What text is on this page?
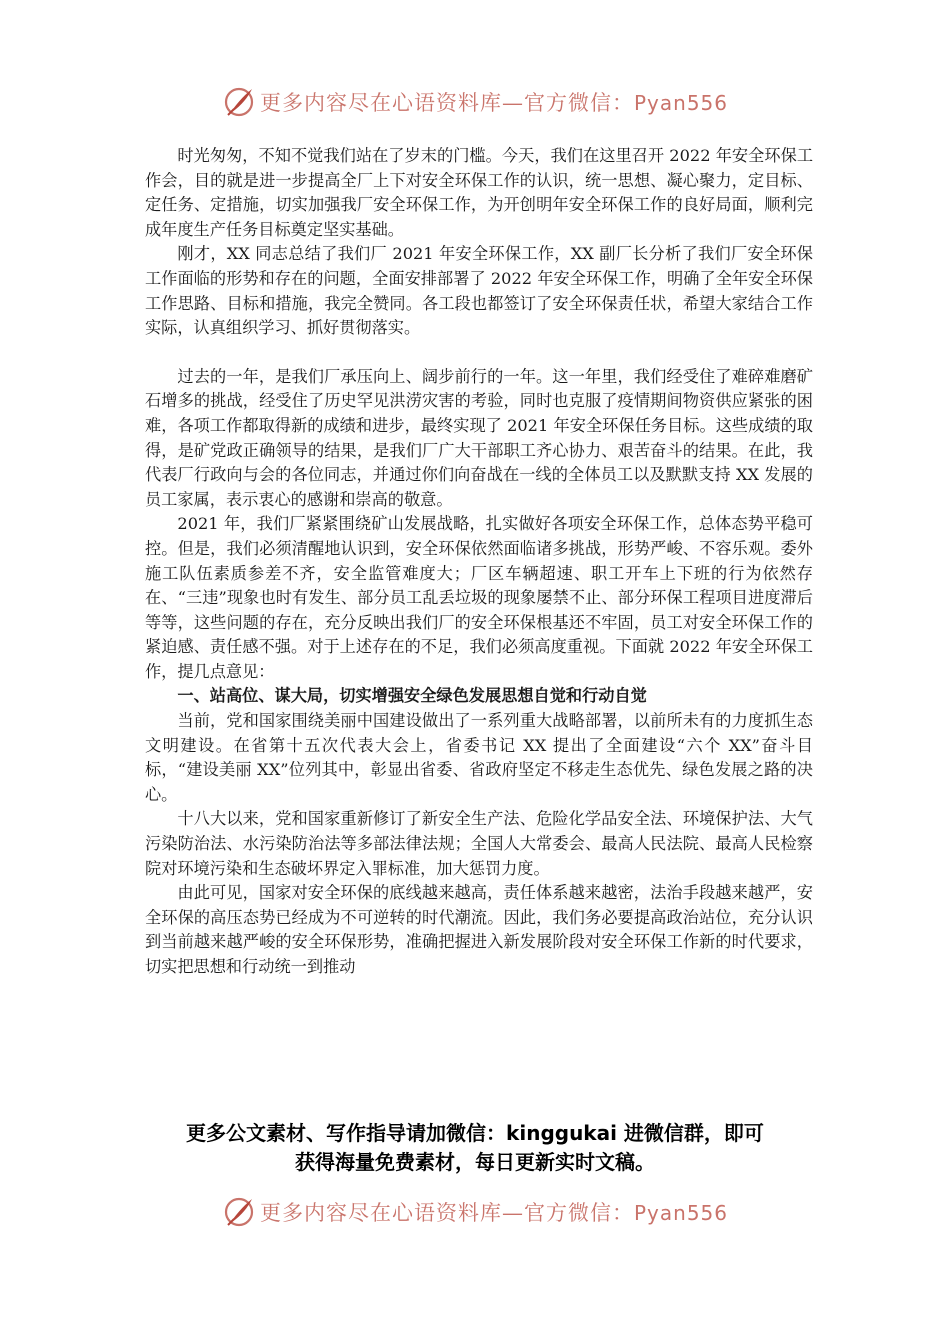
更多内容尽在心语资料库—官方微信：Pyan556

时光匆匆，不知不觉我们站在了岁末的门槛。今天，我们在这里召开 2022 年安全环保工作会，目的就是进一步提高全厂上下对安全环保工作的认识，统一思想、凝心聚力，定目标、定任务、定措施，切实加强我厂安全环保工作，为开创明年安全环保工作的良好局面，顺利完成年度生产任务目标奠定坚实基础。

刚才，XX 同志总结了我们厂 2021 年安全环保工作，XX 副厂长分析了我们厂安全环保工作面临的形势和存在的问题，全面安排部署了 2022 年安全环保工作，明确了全年安全环保工作思路、目标和措施，我完全赞同。各工段也都签订了安全环保责任状，希望大家结合工作实际，认真组织学习、抓好贯彻落实。

过去的一年，是我们厂承压向上、阔步前行的一年。这一年里，我们经受住了难碎难磨矿石增多的挑战，经受住了历史罕见洪涝灾害的考验，同时也克服了疫情期间物资供应紧张的困难，各项工作都取得新的成绩和进步，最终实现了 2021 年安全环保任务目标。这些成绩的取得，是矿党政正确领导的结果，是我们厂广大干部职工齐心协力、艰苦奋斗的结果。在此，我代表厂行政向与会的各位同志，并通过你们向奋战在一线的全体员工以及默默支持 XX 发展的员工家属，表示衷心的感谢和崇高的敬意。

2021 年，我们厂紧紧围绕矿山发展战略，扎实做好各项安全环保工作，总体态势平稳可控。但是，我们必须清醒地认识到，安全环保依然面临诸多挑战，形势严峻、不容乐观。委外施工队伍素质参差不齐，安全监管难度大；厂区车辆超速、职工开车上下班的行为依然存在、“三违”现象也时有发生、部分员工乱丢垃圾的现象屡禁不止、部分环保工程项目进度滞后等等，这些问题的存在，充分反映出我们厂的安全环保根基还不牢固，员工对安全环保工作的紧迫感、责任感不强。对于上述存在的不足，我们必须高度重视。下面就 2022 年安全环保工作，提几点意见：

一、站高位、谋大局，切实增强安全绿色发展思想自觉和行动自觉

当前，党和国家围绕美丽中国建设做出了一系列重大战略部署，以前所未有的力度抓生态文明建设。在省第十五次代表大会上，省委书记 XX 提出了全面建设“六个 XX”奋斗目标，“建设美丽 XX”位列其中，彰显出省委、省政府坚定不移走生态优先、绿色发展之路的决心。

十八大以来，党和国家重新修订了新安全生产法、危险化学品安全法、环境保护法、大气污染防治法、水污染防治法等多部法律法规；全国人大常委会、最高人民法院、最高人民检察院对环境污染和生态破坏界定入罪标准，加大惩罚力度。

由此可见，国家对安全环保的底线越来越高，责任体系越来越密，法治手段越来越严，安全环保的高压态势已经成为不可逆转的时代潮流。因此，我们务必要提高政治站位，充分认识到当前越来越严峻的安全环保形势，准确把握进入新发展阶段对安全环保工作新的时代要求，切实把思想和行动统一到推动

更多公文素材、写作指导请加微信：kinggukai 进微信群，即可
获得海量免费素材，每日更新实时文稿。
更多内容尽在心语资料库—官方微信：Pyan556
